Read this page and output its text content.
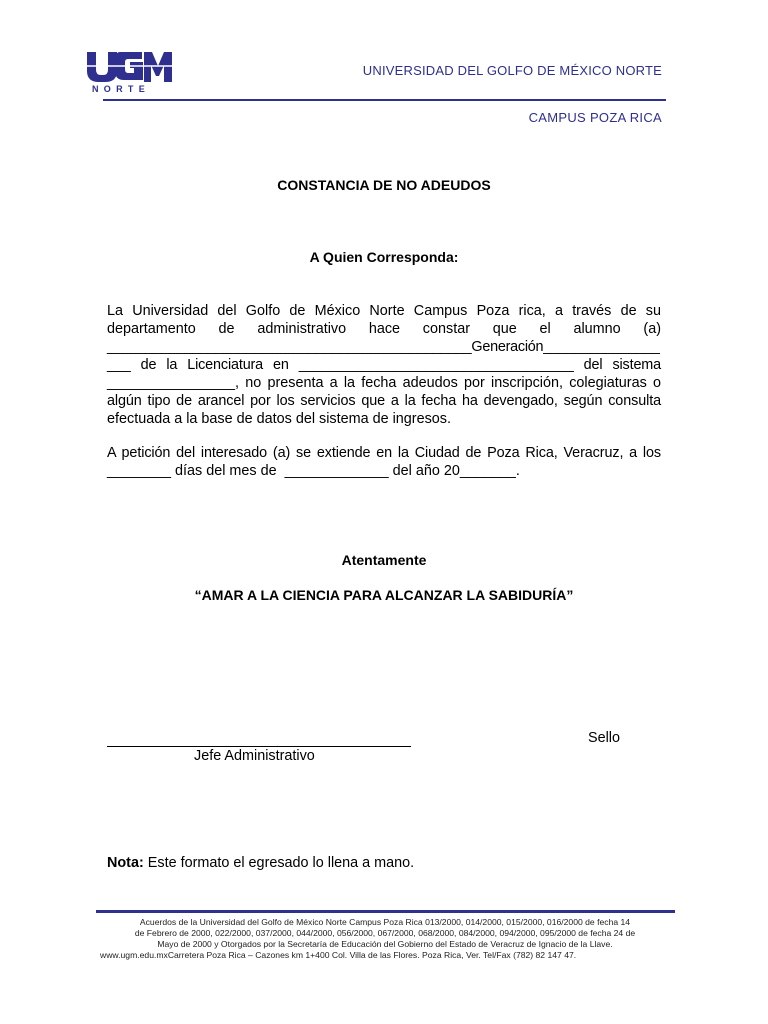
NORTE
UNIVERSIDAD DEL GOLFO DE MÉXICO NORTE
CAMPUS POZA RICA
CONSTANCIA DE NO ADEUDOS
A Quien Corresponda:
La Universidad del Golfo de México Norte Campus Poza rica, a través de su
departamento de administrativo hace constar que el alumno (a)
_______________________________________________Generación_______________
___ de la Licenciatura en ___________________________________ del sistema
________________, no presenta a la fecha adeudos por inscripción, colegiaturas o
algún tipo de arancel por los servicios que a la fecha ha devengado, según consulta
efectuada a la base de datos del sistema de ingresos.
A petición del interesado (a) se extiende en la Ciudad de Poza Rica, Veracruz, a los
________ días del mes de  _____________ del año 20_______.
Atentamente
“AMAR A LA CIENCIA PARA ALCANZAR LA SABIDURÍA”
Sello
Jefe Administrativo
Nota: Este formato el egresado lo llena a mano.
Acuerdos de la Universidad del Golfo de México Norte Campus Poza Rica 013/2000, 014/2000, 015/2000, 016/2000 de fecha 14
de Febrero de 2000, 022/2000, 037/2000, 044/2000, 056/2000, 067/2000, 068/2000, 084/2000, 094/2000, 095/2000 de fecha 24 de
Mayo de 2000 y Otorgados por la Secretaría de Educación del Gobierno del Estado de Veracruz de Ignacio de la Llave.
www.ugm.edu.mxCarretera Poza Rica – Cazones km 1+400 Col. Villa de las Flores. Poza Rica, Ver. Tel/Fax (782) 82 147 47.
